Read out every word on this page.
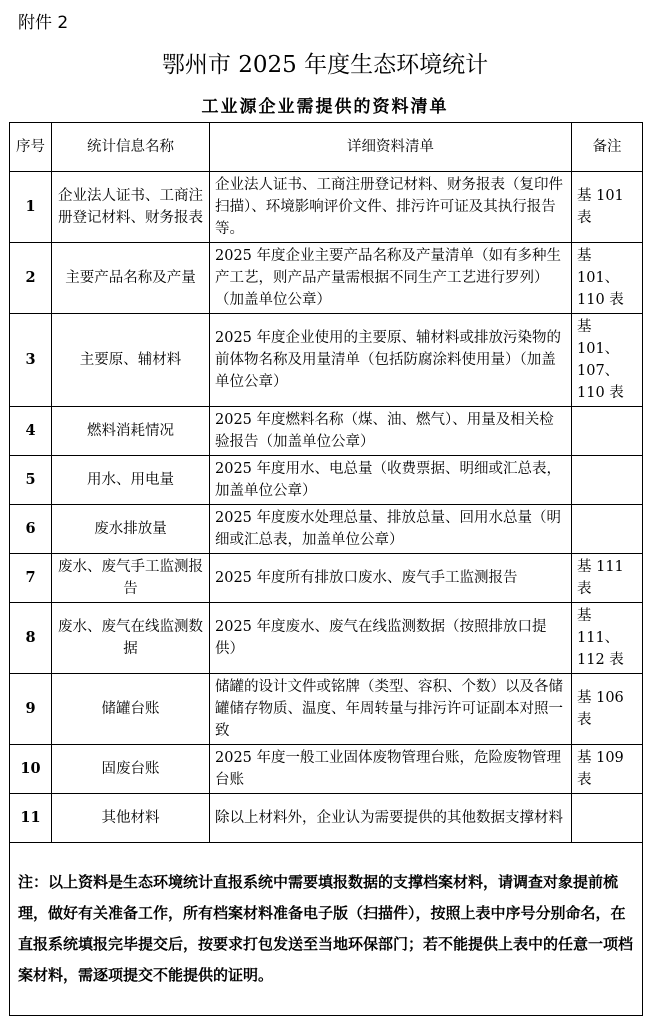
附件 2
鄂州市 2025 年度生态环境统计
工业源企业需提供的资料清单
序号	统计信息名称	详细资料清单	备注
1	企业法人证书、工商注册登记材料、财务报表	企业法人证书、工商注册登记材料、财务报表（复印件扫描）、环境影响评价文件、排污许可证及其执行报告等。	基 101 表
2	主要产品名称及产量	2025 年度企业主要产品名称及产量清单（如有多种生产工艺，则产品产量需根据不同生产工艺进行罗列）（加盖单位公章）	基 101、110 表
3	主要原、辅材料	2025 年度企业使用的主要原、辅材料或排放污染物的前体物名称及用量清单（包括防腐涂料使用量）（加盖单位公章）	基 101、107、110 表
4	燃料消耗情况	2025 年度燃料名称（煤、油、燃气）、用量及相关检验报告（加盖单位公章）	
5	用水、用电量	2025 年度用水、电总量（收费票据、明细或汇总表，加盖单位公章）	
6	废水排放量	2025 年度废水处理总量、排放总量、回用水总量（明细或汇总表，加盖单位公章）	
7	废水、废气手工监测报告	2025 年度所有排放口废水、废气手工监测报告	基 111 表
8	废水、废气在线监测数据	2025 年度废水、废气在线监测数据（按照排放口提供）	基 111、112 表
9	储罐台账	储罐的设计文件或铭牌（类型、容积、个数）以及各储罐储存物质、温度、年周转量与排污许可证副本对照一致	基 106 表
10	固废台账	2025 年度一般工业固体废物管理台账，危险废物管理台账	基 109 表
11	其他材料	除以上材料外，企业认为需要提供的其他数据支撑材料	
注：以上资料是生态环境统计直报系统中需要填报数据的支撑档案材料，请调查对象提前梳理，做好有关准备工作，所有档案材料准备电子版（扫描件），按照上表中序号分别命名，在直报系统填报完毕提交后，按要求打包发送至当地环保部门；若不能提供上表中的任意一项档案材料，需逐项提交不能提供的证明。			
